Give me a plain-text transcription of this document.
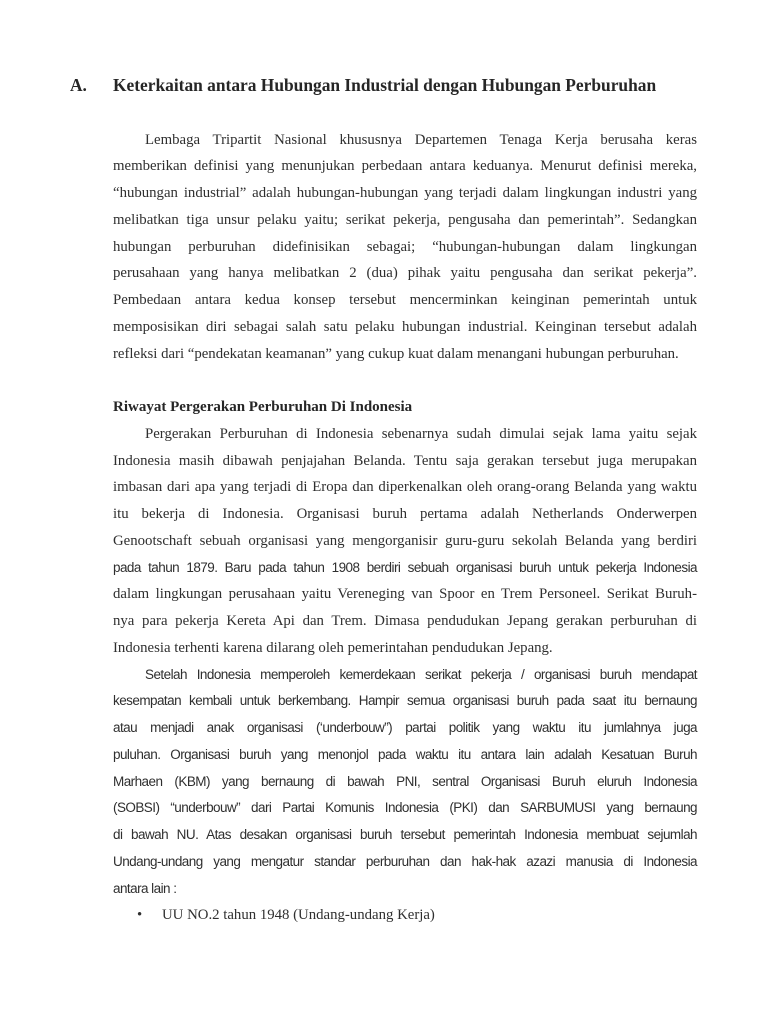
A. Keterkaitan antara Hubungan Industrial dengan Hubungan Perburuhan
Lembaga Tripartit Nasional khususnya Departemen Tenaga Kerja berusaha keras
memberikan definisi yang menunjukan perbedaan antara keduanya. Menurut definisi mereka,
“hubungan industrial” adalah hubungan-hubungan yang terjadi dalam lingkungan industri yang
melibatkan tiga unsur pelaku yaitu; serikat pekerja, pengusaha dan pemerintah”. Sedangkan
hubungan perburuhan didefinisikan sebagai; “hubungan-hubungan dalam lingkungan
perusahaan yang hanya melibatkan 2 (dua) pihak yaitu pengusaha dan serikat pekerja”.
Pembedaan antara kedua konsep tersebut mencerminkan keinginan pemerintah untuk
memposisikan diri sebagai salah satu pelaku hubungan industrial. Keinginan tersebut adalah
refleksi dari “pendekatan keamanan” yang cukup kuat dalam menangani hubungan perburuhan.
Riwayat Pergerakan Perburuhan Di Indonesia
Pergerakan Perburuhan di Indonesia sebenarnya sudah dimulai sejak lama yaitu sejak
Indonesia masih dibawah penjajahan Belanda. Tentu saja gerakan tersebut juga merupakan
imbasan dari apa yang terjadi di Eropa dan diperkenalkan oleh orang-orang Belanda yang waktu
itu bekerja di Indonesia. Organisasi buruh pertama adalah Netherlands Onderwerpen
Genootschaft sebuah organisasi yang mengorganisir guru-guru sekolah Belanda yang berdiri
pada tahun 1879. Baru pada tahun 1908 berdiri sebuah organisasi buruh untuk pekerja Indonesia
dalam lingkungan perusahaan yaitu Vereneging van Spoor en Trem Personeel. Serikat Buruh-
nya para pekerja Kereta Api dan Trem. Dimasa pendudukan Jepang gerakan perburuhan di
Indonesia terhenti karena dilarang oleh pemerintahan pendudukan Jepang.
Setelah Indonesia memperoleh kemerdekaan serikat pekerja / organisasi buruh mendapat
kesempatan kembali untuk berkembang. Hampir semua organisasi buruh pada saat itu bernaung
atau menjadi anak organisasi (‘underbouw”) partai politik yang waktu itu jumlahnya juga
puluhan. Organisasi buruh yang menonjol pada waktu itu antara lain adalah Kesatuan Buruh
Marhaen (KBM) yang bernaung di bawah PNI, sentral Organisasi Buruh eluruh Indonesia
(SOBSI) “underbouw” dari Partai Komunis Indonesia (PKI) dan SARBUMUSI yang bernaung
di bawah NU. Atas desakan organisasi buruh tersebut pemerintah Indonesia membuat sejumlah
Undang-undang yang mengatur standar perburuhan dan hak-hak azazi manusia di Indonesia
antara lain :
• UU NO.2 tahun 1948 (Undang-undang Kerja)
